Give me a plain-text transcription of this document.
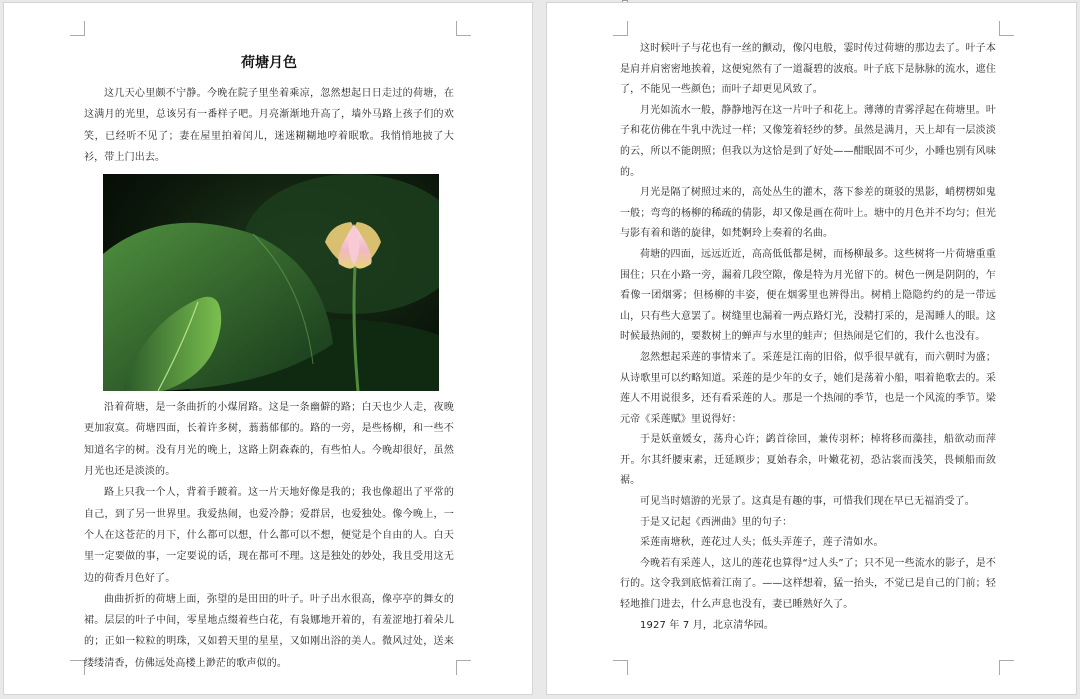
荷塘月色

这几天心里颇不宁静。今晚在院子里坐着乘凉，忽然想起日日走过的荷塘，在这满月的光里，总该另有一番样子吧。月亮渐渐地升高了，墙外马路上孩子们的欢笑，已经听不见了；妻在屋里拍着闰儿，迷迷糊糊地哼着眠歌。我悄悄地披了大衫，带上门出去。

沿着荷塘，是一条曲折的小煤屑路。这是一条幽僻的路；白天也少人走，夜晚更加寂寞。荷塘四面，长着许多树，蓊蓊郁郁的。路的一旁，是些杨柳，和一些不知道名字的树。没有月光的晚上，这路上阴森森的，有些怕人。今晚却很好，虽然月光也还是淡淡的。

路上只我一个人，背着手踱着。这一片天地好像是我的；我也像超出了平常的自己，到了另一世界里。我爱热闹，也爱冷静；爱群居，也爱独处。像今晚上，一个人在这苍茫的月下，什么都可以想，什么都可以不想，便觉是个自由的人。白天里一定要做的事，一定要说的话，现在都可不理。这是独处的妙处，我且受用这无边的荷香月色好了。

曲曲折折的荷塘上面，弥望的是田田的叶子。叶子出水很高，像亭亭的舞女的裙。层层的叶子中间，零星地点缀着些白花，有袅娜地开着的，有羞涩地打着朵儿的；正如一粒粒的明珠，又如碧天里的星星，又如刚出浴的美人。微风过处，送来缕缕清香，仿佛远处高楼上渺茫的歌声似的。

这时候叶子与花也有一丝的颤动，像闪电般，霎时传过荷塘的那边去了。叶子本是肩并肩密密地挨着，这便宛然有了一道凝碧的波痕。叶子底下是脉脉的流水，遮住了，不能见一些颜色；而叶子却更见风致了。

月光如流水一般，静静地泻在这一片叶子和花上。薄薄的青雾浮起在荷塘里。叶子和花仿佛在牛乳中洗过一样；又像笼着轻纱的梦。虽然是满月，天上却有一层淡淡的云，所以不能朗照；但我以为这恰是到了好处——酣眠固不可少，小睡也别有风味的。

月光是隔了树照过来的，高处丛生的灌木，落下参差的斑驳的黑影，峭楞楞如鬼一般；弯弯的杨柳的稀疏的倩影，却又像是画在荷叶上。塘中的月色并不均匀；但光与影有着和谐的旋律，如梵婀玲上奏着的名曲。

荷塘的四面，远远近近，高高低低都是树，而杨柳最多。这些树将一片荷塘重重围住；只在小路一旁，漏着几段空隙，像是特为月光留下的。树色一例是阴阴的，乍看像一团烟雾；但杨柳的丰姿，便在烟雾里也辨得出。树梢上隐隐约约的是一带远山，只有些大意罢了。树缝里也漏着一两点路灯光，没精打采的，是渴睡人的眼。这时候最热闹的，要数树上的蝉声与水里的蛙声；但热闹是它们的，我什么也没有。

忽然想起采莲的事情来了。采莲是江南的旧俗，似乎很早就有，而六朝时为盛；从诗歌里可以约略知道。采莲的是少年的女子，她们是荡着小船，唱着艳歌去的。采莲人不用说很多，还有看采莲的人。那是一个热闹的季节，也是一个风流的季节。梁元帝《采莲赋》里说得好：

于是妖童媛女，荡舟心许；鹢首徐回，兼传羽杯；棹将移而藻挂，船欲动而萍开。尔其纤腰束素，迁延顾步；夏始春余，叶嫩花初，恐沾裳而浅笑，畏倾船而敛裾。

可见当时嬉游的光景了。这真是有趣的事，可惜我们现在早已无福消受了。

于是又记起《西洲曲》里的句子：

采莲南塘秋，莲花过人头；低头弄莲子，莲子清如水。

今晚若有采莲人，这儿的莲花也算得“过人头”了；只不见一些流水的影子，是不行的。这令我到底惦着江南了。——这样想着，猛一抬头，不觉已是自己的门前；轻轻地推门进去，什么声息也没有，妻已睡熟好久了。

1927 年 7 月，北京清华园。
